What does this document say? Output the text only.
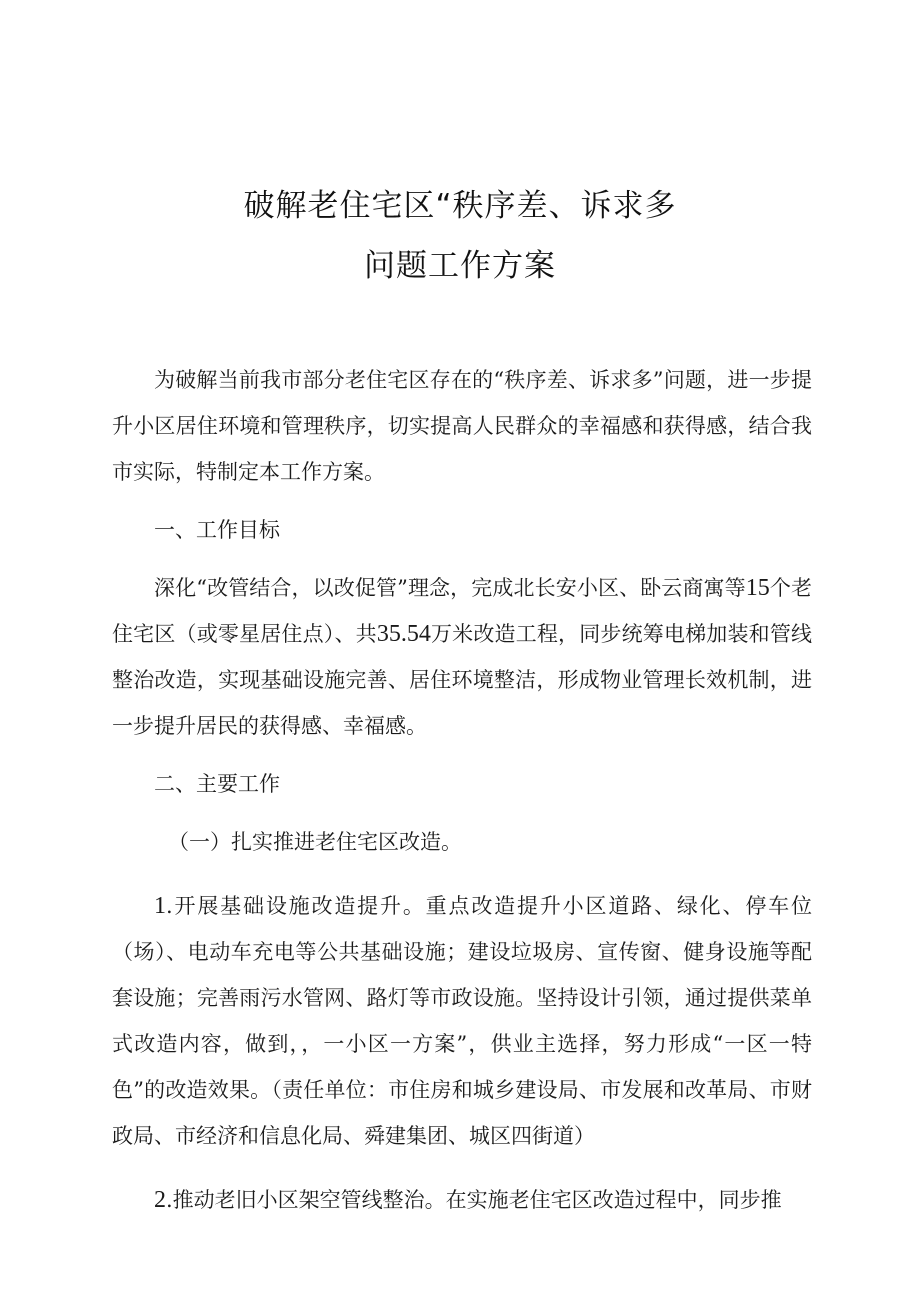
破解老住宅区“秩序差、诉求多
问题工作方案

为破解当前我市部分老住宅区存在的“秩序差、诉求多”问题，进一步提升小区居住环境和管理秩序，切实提高人民群众的幸福感和获得感，结合我市实际，特制定本工作方案。

一、工作目标

深化“改管结合，以改促管”理念，完成北长安小区、卧云商寓等15个老住宅区（或零星居住点）、共35.54万米改造工程，同步统筹电梯加装和管线整治改造，实现基础设施完善、居住环境整洁，形成物业管理长效机制，进一步提升居民的获得感、幸福感。

二、主要工作

（一）扎实推进老住宅区改造。

1.开展基础设施改造提升。重点改造提升小区道路、绿化、停车位（场）、电动车充电等公共基础设施；建设垃圾房、宣传窗、健身设施等配套设施；完善雨污水管网、路灯等市政设施。坚持设计引领，通过提供菜单式改造内容，做到，，一小区一方案”，供业主选择，努力形成“一区一特色”的改造效果。（责任单位：市住房和城乡建设局、市发展和改革局、市财政局、市经济和信息化局、舜建集团、城区四街道）

2.推动老旧小区架空管线整治。在实施老住宅区改造过程中，同步推
